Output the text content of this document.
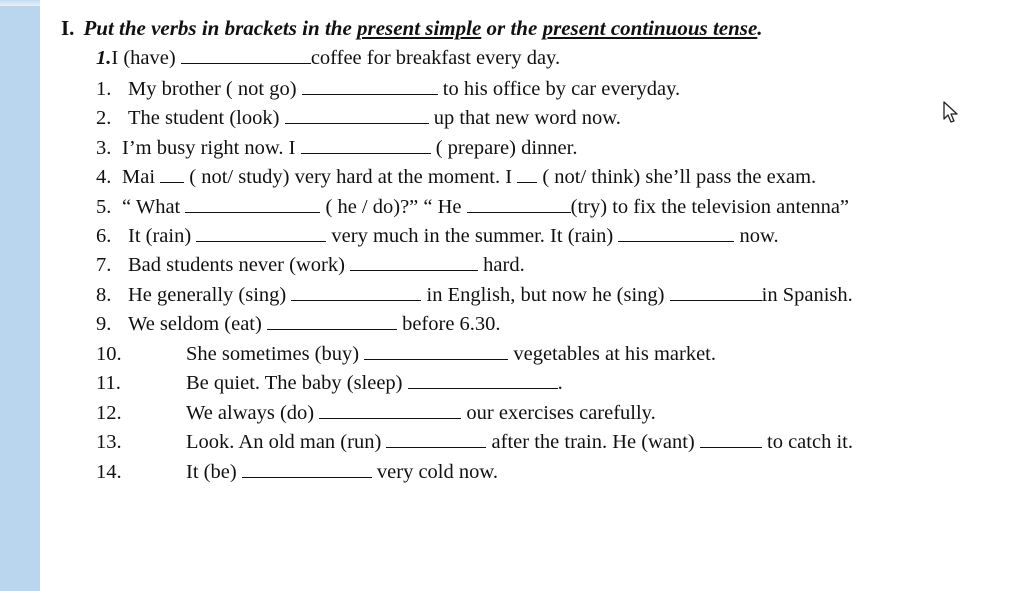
I. Put the verbs in brackets in the present simple or the present continuous tense.
1.I (have)	coffee for breakfast every day.
1. My brother ( not go)	to his office by car everyday.
2. The student (look)	up that new word now.
3. I’m busy right now. I	( prepare) dinner.
4. Mai  ( not/ study) very hard at the moment. I  ( not/ think) she’ll pass the exam.
5. “ What	( he / do)?” “ He	(try) to fix the television antenna”
6. It (rain)	very much in the summer. It (rain)	now.
7. Bad students never (work)	hard.
8. He generally (sing)	in English, but now he (sing)	in Spanish.
9. We seldom (eat)	before 6.30.
10.	She sometimes (buy)	vegetables at his market.
11.	Be quiet. The baby (sleep)	.
12.	We always (do)	our exercises carefully.
13.	Look. An old man (run)	after the train. He (want)	to catch it.
14.	It (be)	very cold now.
